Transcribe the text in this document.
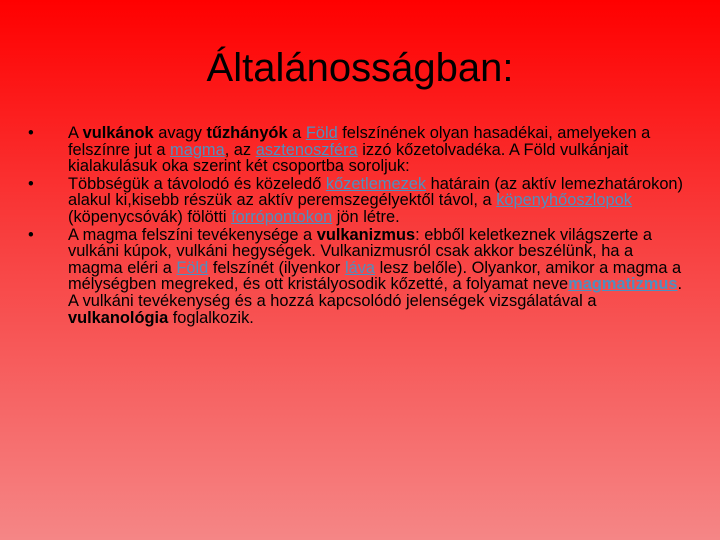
Általánosságban:
• A vulkánok avagy tűzhányók a Föld felszínének olyan hasadékai, amelyeken a felszínre jut a magma, az asztenoszféra izzó kőzetolvadéka. A Föld vulkánjait kialakulásuk oka szerint két csoportba soroljuk:
• Többségük a távolodó és közeledő kőzetlemezek határain (az aktív lemezhatárokon) alakul ki,kisebb részük az aktív peremszegélyektől távol, a köpenyhőoszlopok (köpenycsóvák) fölötti forrópontokon jön létre.
• A magma felszíni tevékenysége a vulkanizmus: ebből keletkeznek világszerte a vulkáni kúpok, vulkáni hegységek. Vulkanizmusról csak akkor beszélünk, ha a magma eléri a Föld felszínét (ilyenkor láva lesz belőle). Olyankor, amikor a magma a mélységben megreked, és ott kristályosodik kőzetté, a folyamat nevemagmatizmus. A vulkáni tevékenység és a hozzá kapcsolódó jelenségek vizsgálatával a vulkanológia foglalkozik.
